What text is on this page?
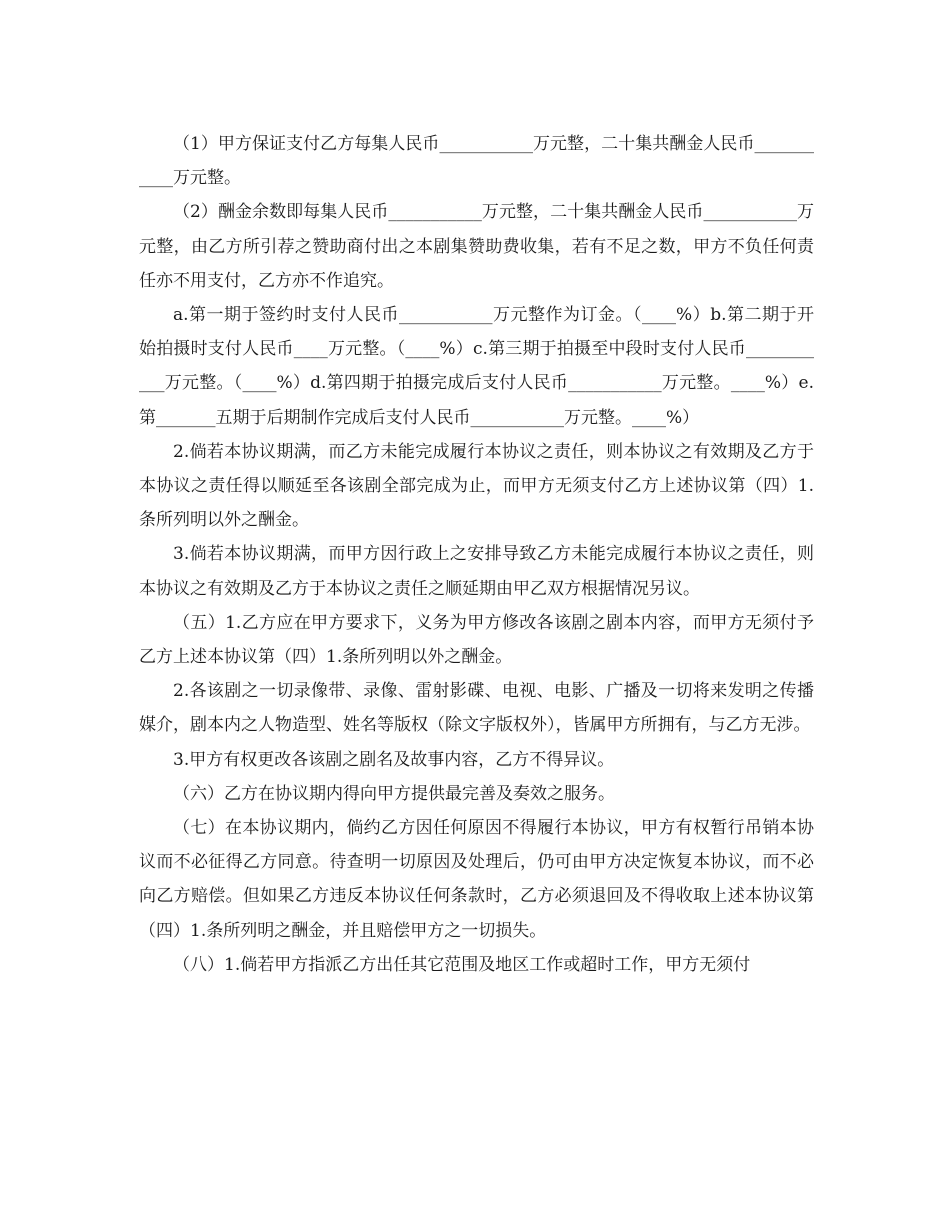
（1）甲方保证支付乙方每集人民币___________万元整，二十集共酬金人民币___________万元整。

（2）酬金余数即每集人民币___________万元整，二十集共酬金人民币___________万元整，由乙方所引荐之赞助商付出之本剧集赞助费收集，若有不足之数，甲方不负任何责任亦不用支付，乙方亦不作追究。

a.第一期于签约时支付人民币___________万元整作为订金。（____%）b.第二期于开始拍摄时支付人民币____万元整。（____%）c.第三期于拍摄至中段时支付人民币___________万元整。（____%）d.第四期于拍摄完成后支付人民币___________万元整。____%）e.第_______五期于后期制作完成后支付人民币___________万元整。____%）

2.倘若本协议期满，而乙方未能完成履行本协议之责任，则本协议之有效期及乙方于本协议之责任得以顺延至各该剧全部完成为止，而甲方无须支付乙方上述协议第（四）1.条所列明以外之酬金。

3.倘若本协议期满，而甲方因行政上之安排导致乙方未能完成履行本协议之责任，则本协议之有效期及乙方于本协议之责任之顺延期由甲乙双方根据情况另议。

（五）1.乙方应在甲方要求下，义务为甲方修改各该剧之剧本内容，而甲方无须付予乙方上述本协议第（四）1.条所列明以外之酬金。

2.各该剧之一切录像带、录像、雷射影碟、电视、电影、广播及一切将来发明之传播媒介，剧本内之人物造型、姓名等版权（除文字版权外），皆属甲方所拥有，与乙方无涉。

3.甲方有权更改各该剧之剧名及故事内容，乙方不得异议。

（六）乙方在协议期内得向甲方提供最完善及奏效之服务。

（七）在本协议期内，倘约乙方因任何原因不得履行本协议，甲方有权暂行吊销本协议而不必征得乙方同意。待查明一切原因及处理后，仍可由甲方决定恢复本协议，而不必向乙方赔偿。但如果乙方违反本协议任何条款时，乙方必须退回及不得收取上述本协议第（四）1.条所列明之酬金，并且赔偿甲方之一切损失。

（八）1.倘若甲方指派乙方出任其它范围及地区工作或超时工作，甲方无须付
